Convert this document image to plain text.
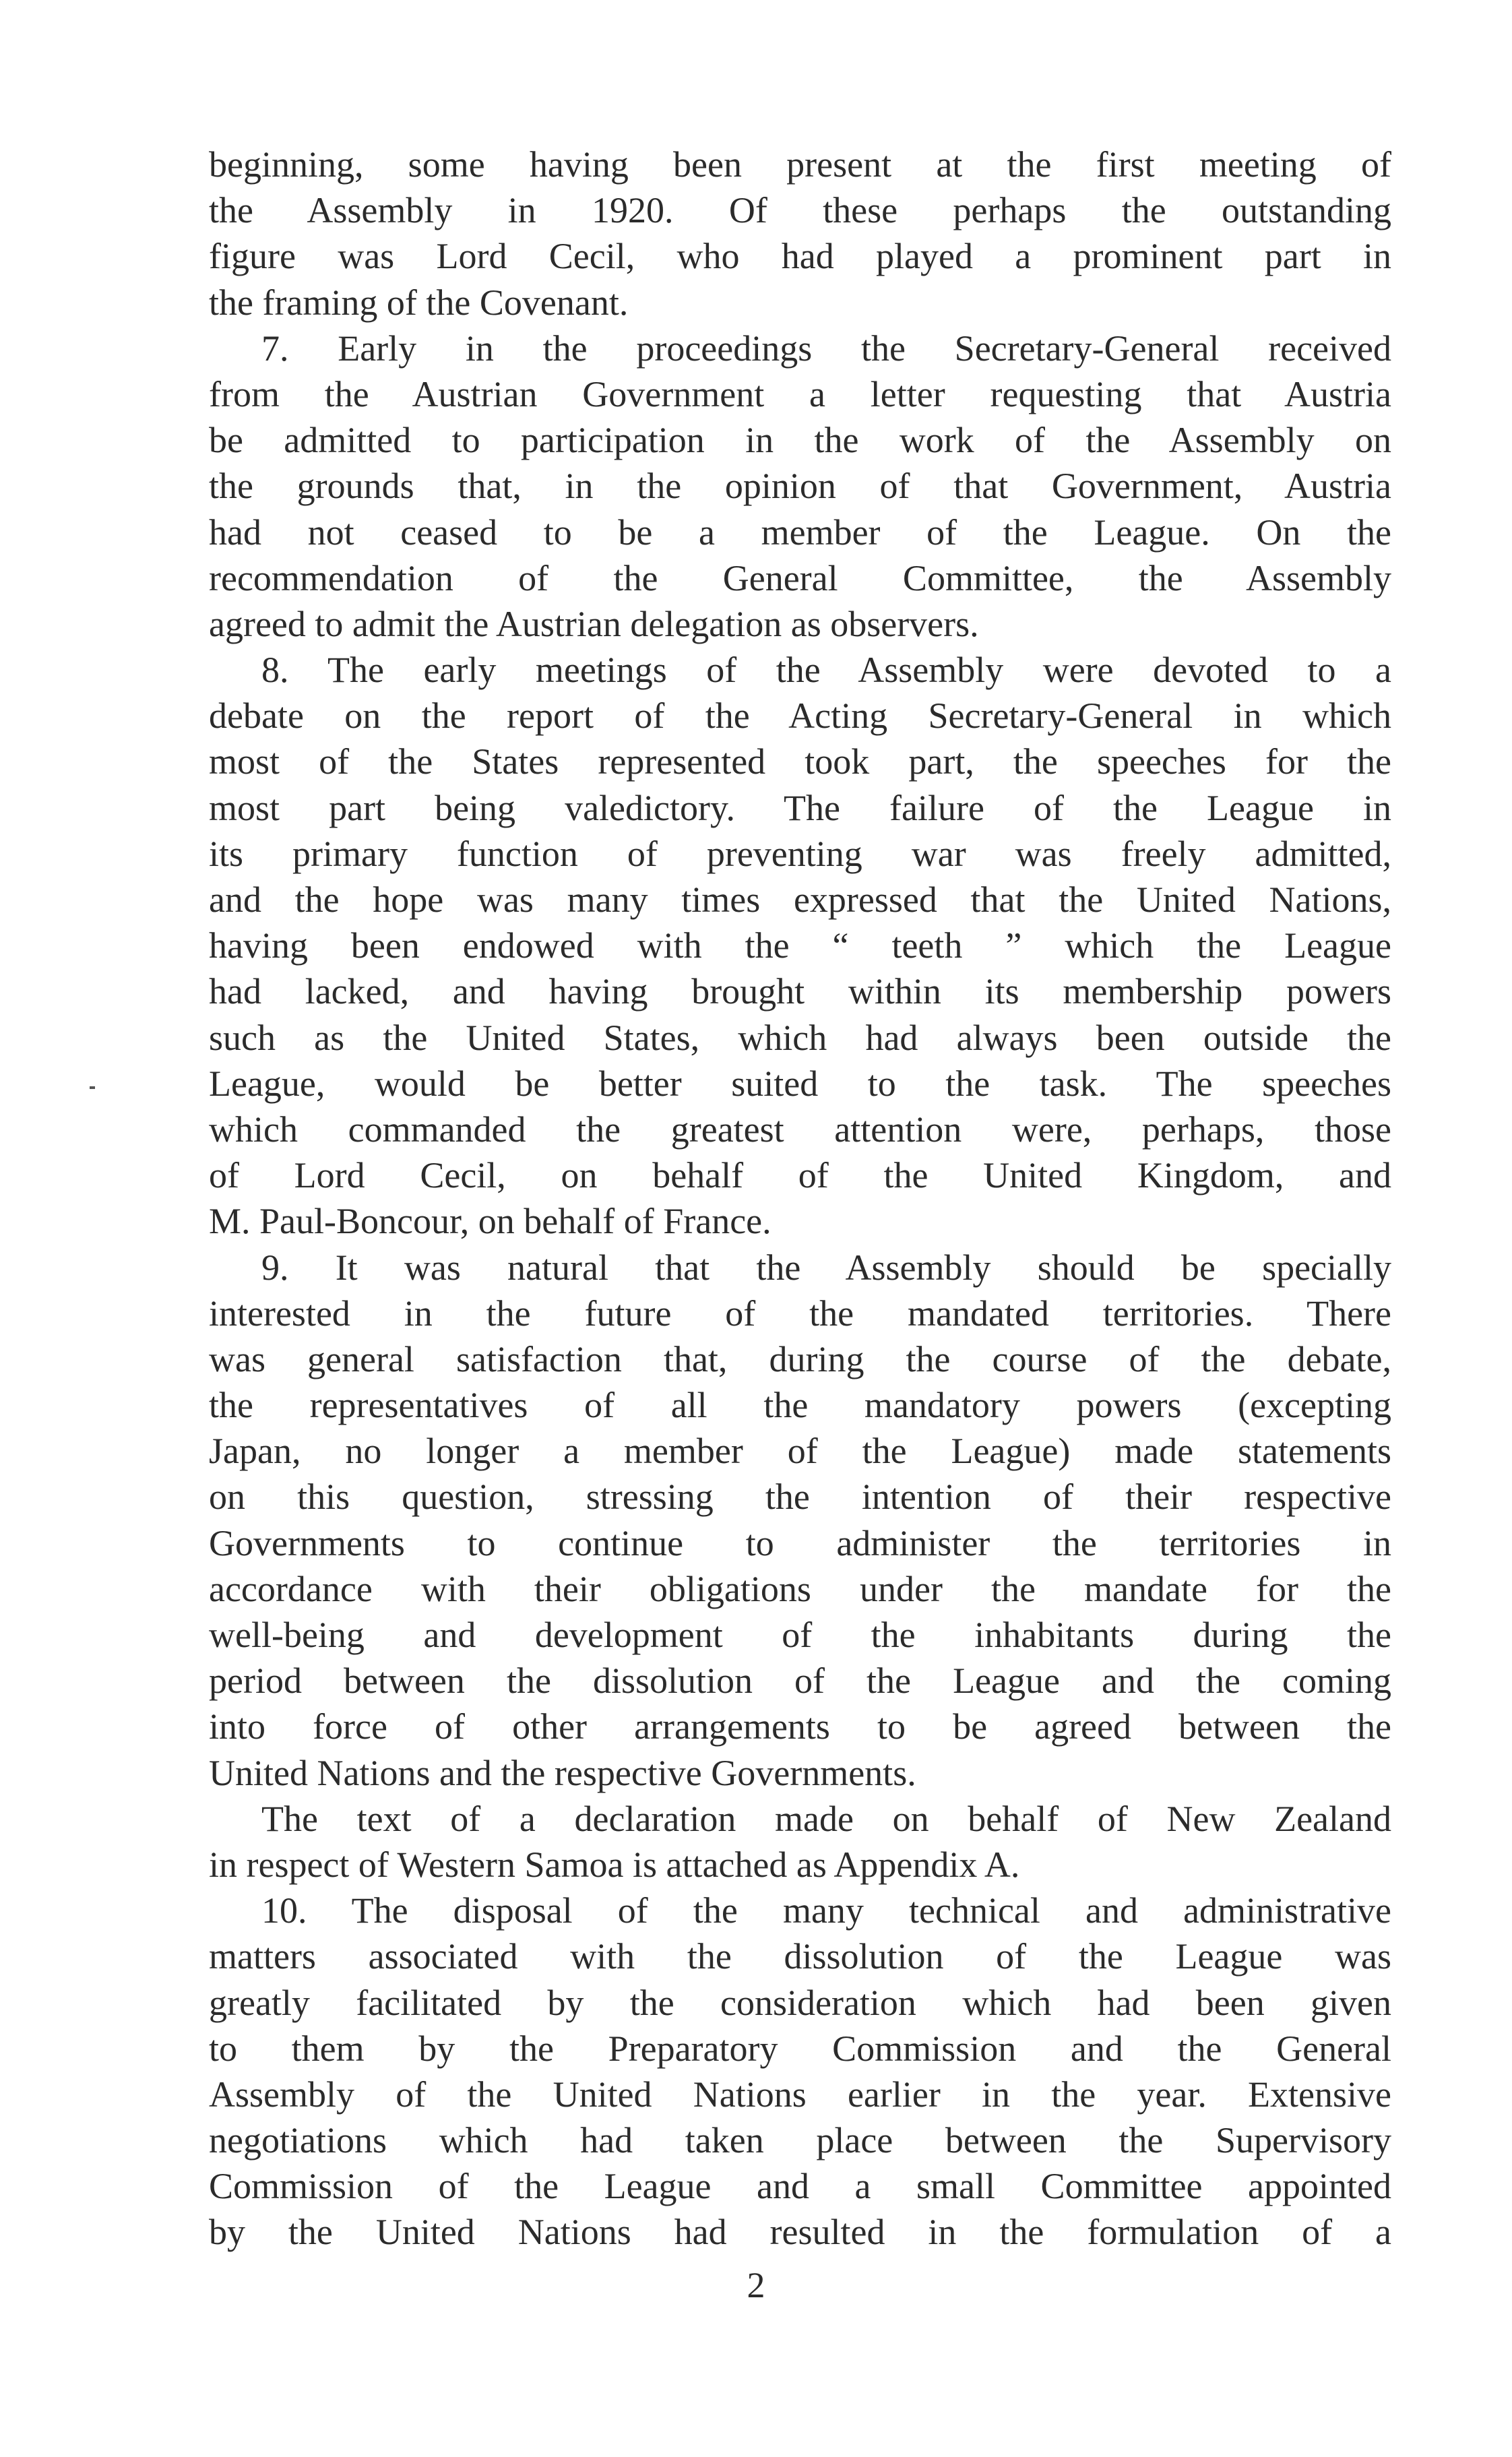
beginning, some having been present at the first meeting of
the Assembly in 1920. Of these perhaps the outstanding
figure was Lord Cecil, who had played a prominent part in
the framing of the Covenant.
7. Early in the proceedings the Secretary-General received
from the Austrian Government a letter requesting that Austria
be admitted to participation in the work of the Assembly on
the grounds that, in the opinion of that Government, Austria
had not ceased to be a member of the League. On the
recommendation of the General Committee, the Assembly
agreed to admit the Austrian delegation as observers.
8. The early meetings of the Assembly were devoted to a
debate on the report of the Acting Secretary-General in which
most of the States represented took part, the speeches for the
most part being valedictory. The failure of the League in
its primary function of preventing war was freely admitted,
and the hope was many times expressed that the United Nations,
having been endowed with the “ teeth ” which the League
had lacked, and having brought within its membership powers
such as the United States, which had always been outside the
League, would be better suited to the task. The speeches
which commanded the greatest attention were, perhaps, those
of Lord Cecil, on behalf of the United Kingdom, and
M. Paul-Boncour, on behalf of France.
9. It was natural that the Assembly should be specially
interested in the future of the mandated territories. There
was general satisfaction that, during the course of the debate,
the representatives of all the mandatory powers (excepting
Japan, no longer a member of the League) made statements
on this question, stressing the intention of their respective
Governments to continue to administer the territories in
accordance with their obligations under the mandate for the
well-being and development of the inhabitants during the
period between the dissolution of the League and the coming
into force of other arrangements to be agreed between the
United Nations and the respective Governments.
The text of a declaration made on behalf of New Zealand
in respect of Western Samoa is attached as Appendix A.
10. The disposal of the many technical and administrative
matters associated with the dissolution of the League was
greatly facilitated by the consideration which had been given
to them by the Preparatory Commission and the General
Assembly of the United Nations earlier in the year. Extensive
negotiations which had taken place between the Supervisory
Commission of the League and a small Committee appointed
by the United Nations had resulted in the formulation of a
2
